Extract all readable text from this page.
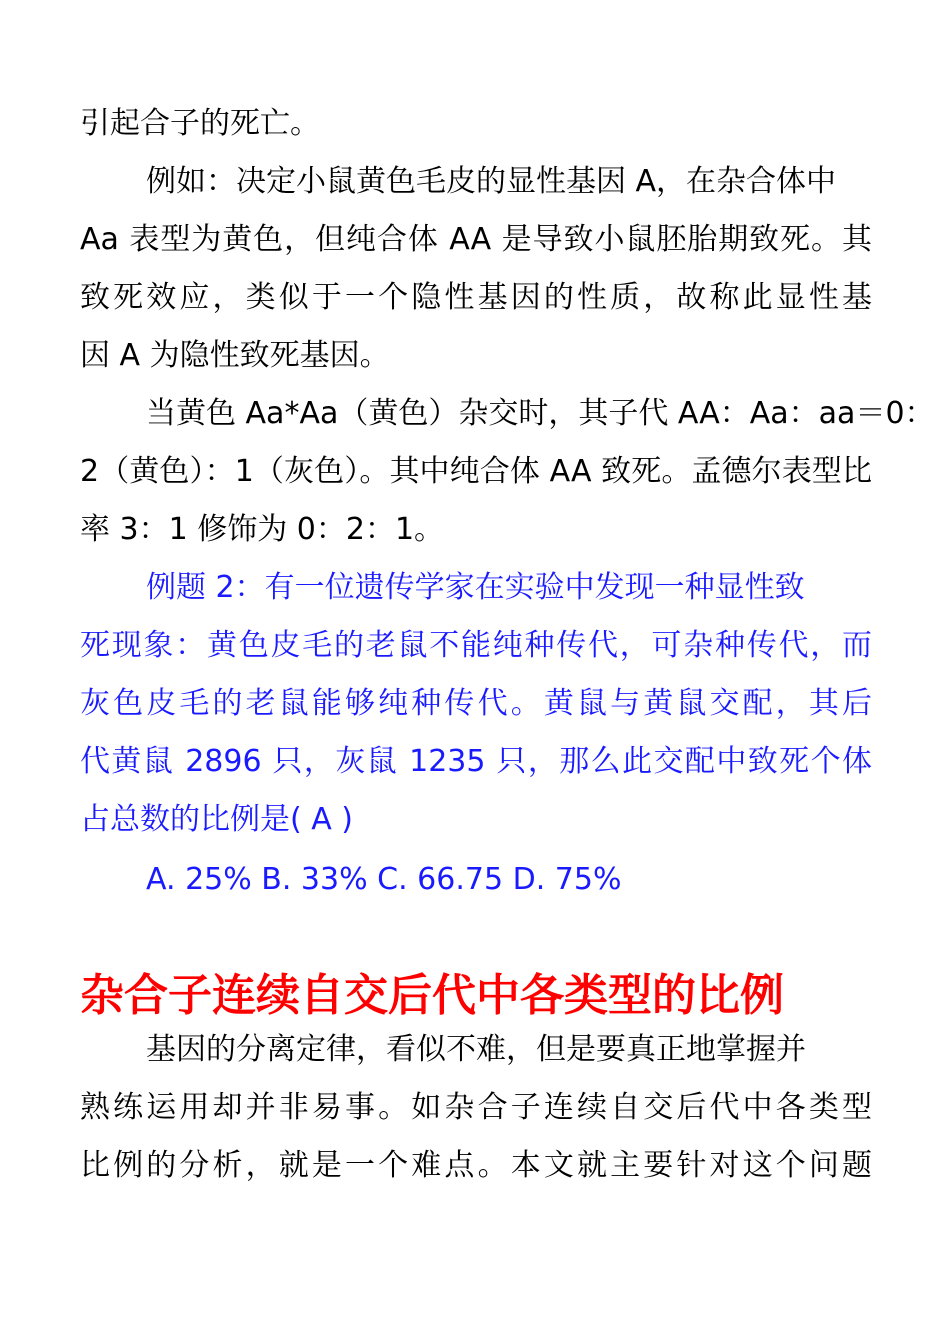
引起合子的死亡。
例如：决定小鼠黄色毛皮的显性基因 A，在杂合体中
Aa 表型为黄色，但纯合体 AA 是导致小鼠胚胎期致死。其
致死效应，类似于一个隐性基因的性质，故称此显性基
因 A 为隐性致死基因。
当黄色 Aa*Aa（黄色）杂交时，其子代 AA：Aa：aa＝0：
2（黄色）：1（灰色）。其中纯合体 AA 致死。孟德尔表型比
率 3：1 修饰为 0：2：1。
例题 2：有一位遗传学家在实验中发现一种显性致
死现象：黄色皮毛的老鼠不能纯种传代，可杂种传代，而
灰色皮毛的老鼠能够纯种传代。黄鼠与黄鼠交配，其后
代黄鼠 2896 只，灰鼠 1235 只，那么此交配中致死个体
占总数的比例是( A )
A. 25% B. 33% C. 66.75 D. 75%
杂合子连续自交后代中各类型的比例
基因的分离定律，看似不难，但是要真正地掌握并
熟练运用却并非易事。如杂合子连续自交后代中各类型
比例的分析，就是一个难点。本文就主要针对这个问题
